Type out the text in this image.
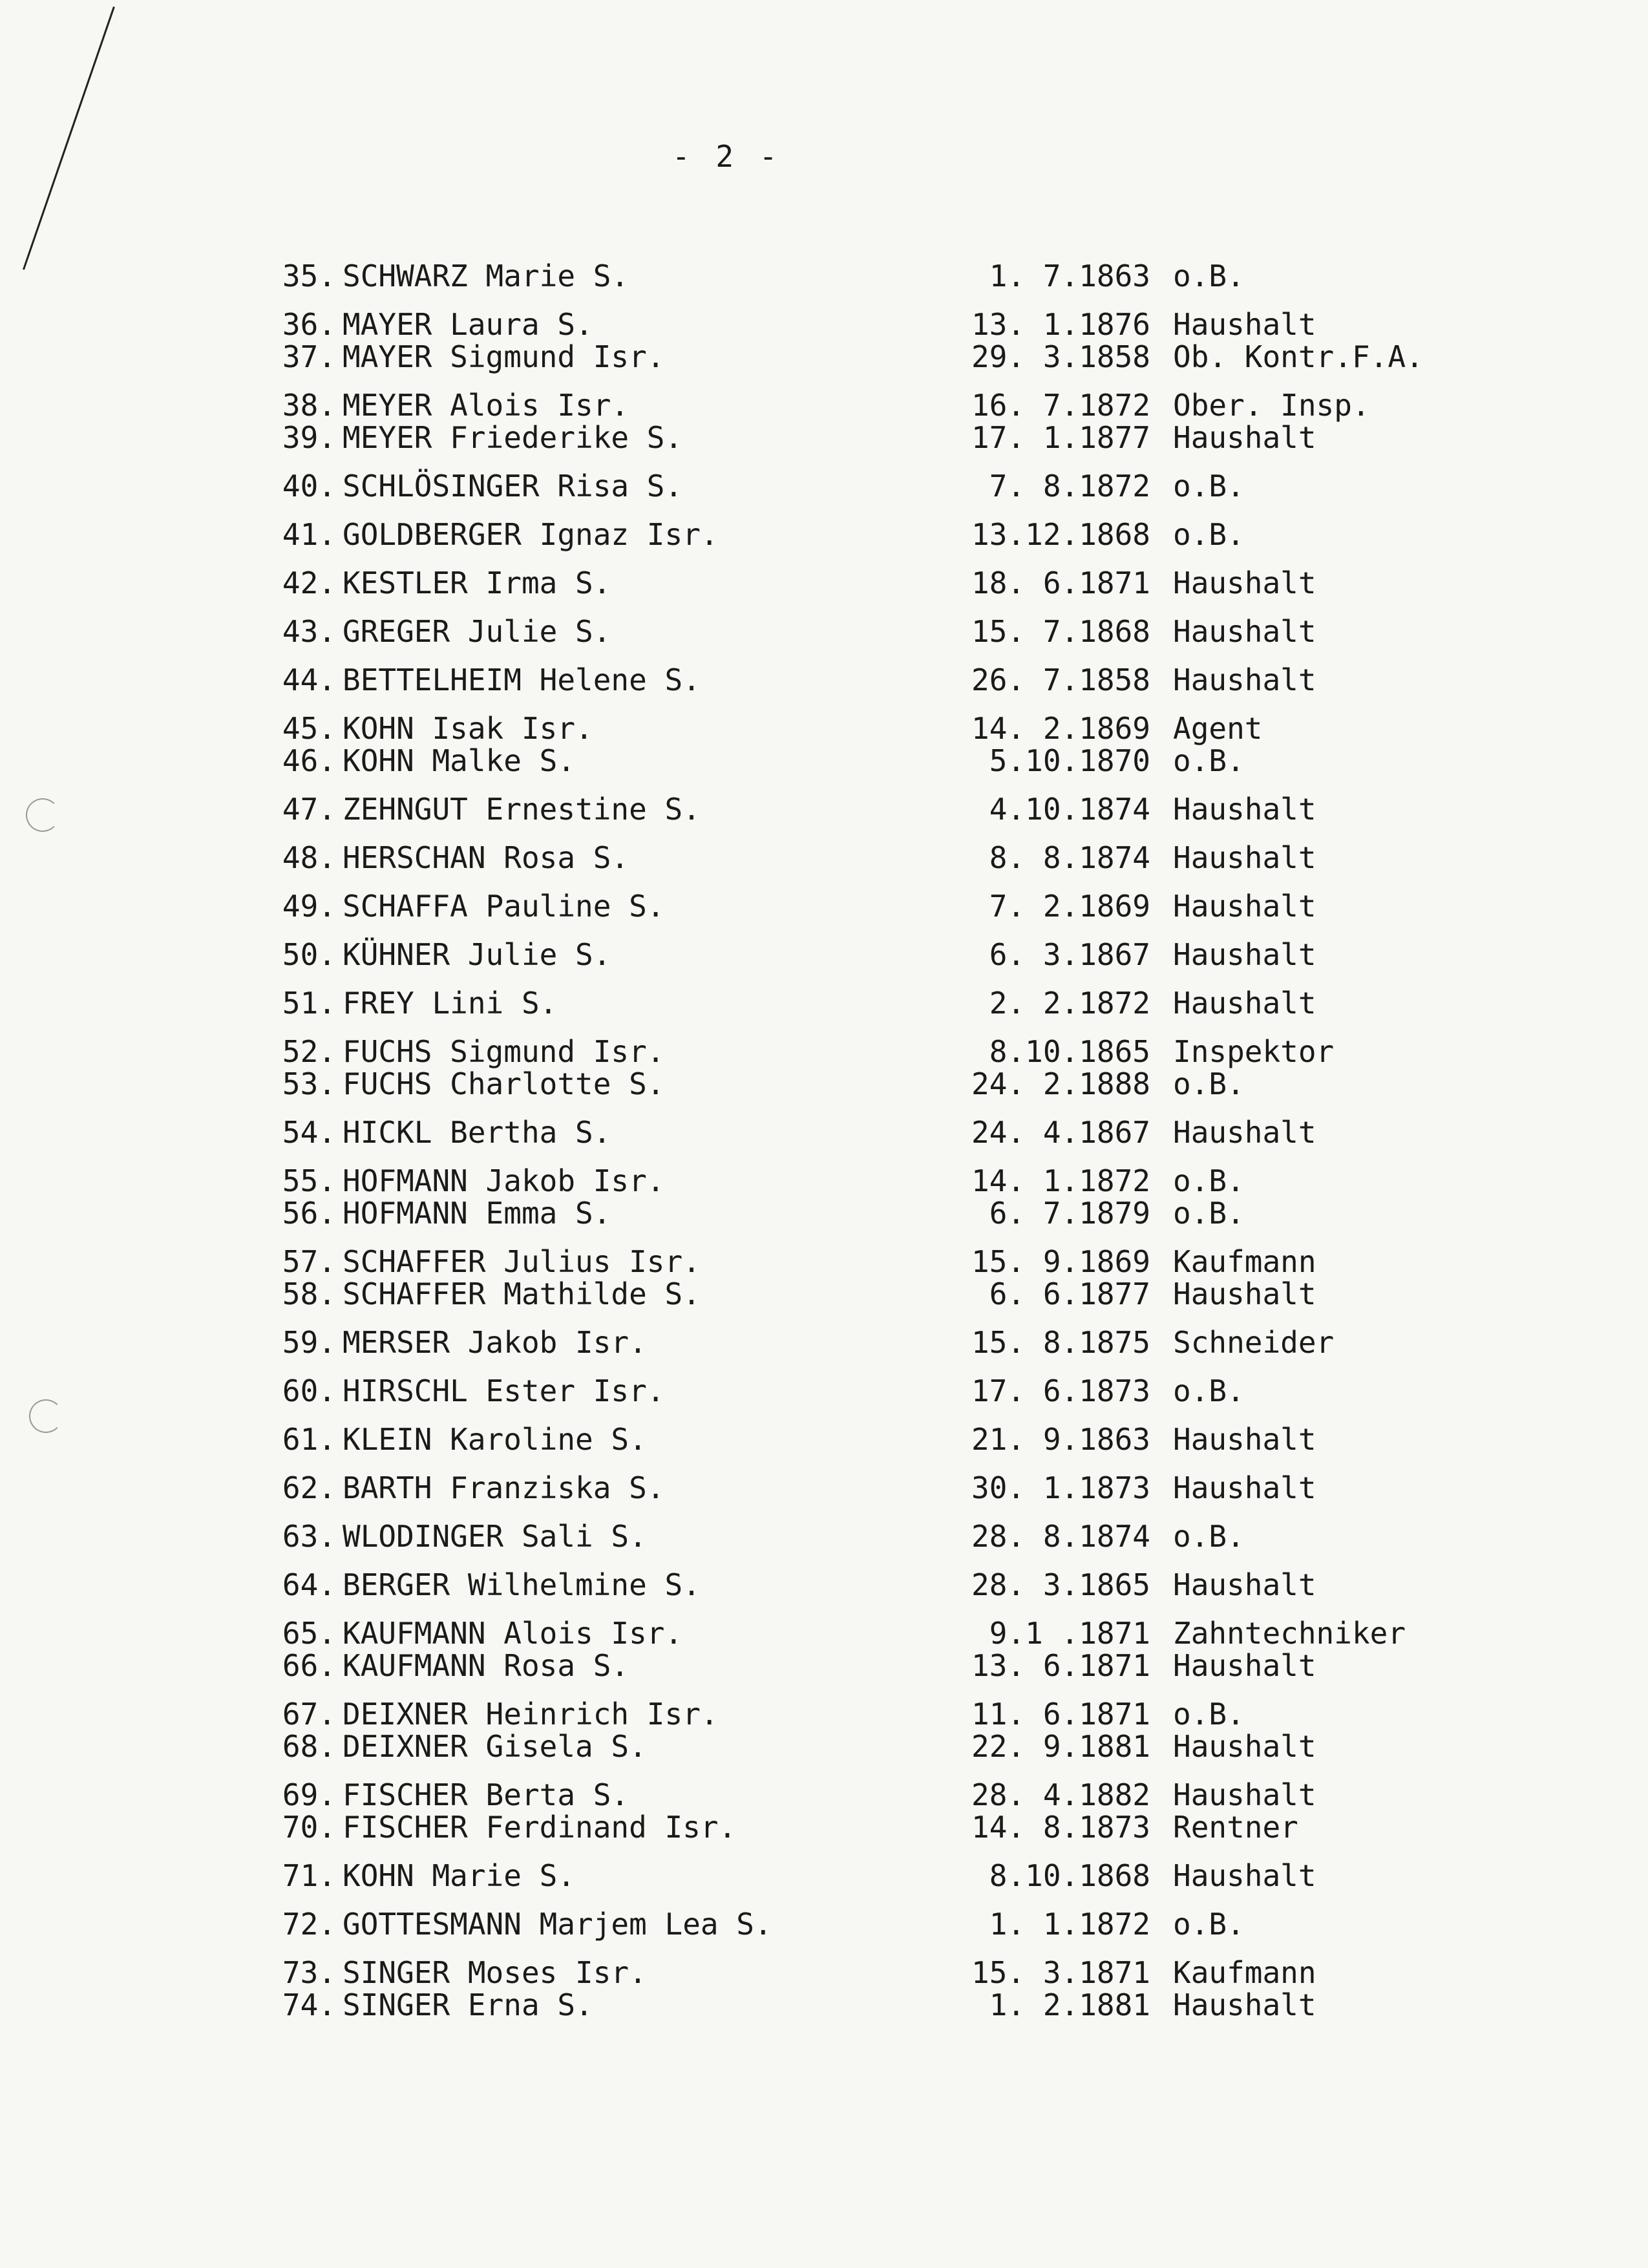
- 2 -
35. SCHWARZ Marie S.	1. 7.1863 o.B.
36. MAYER Laura S.	13. 1.1876 Haushalt
37. MAYER Sigmund Isr.	29. 3.1858 Ob. Kontr.F.A.
38. MEYER Alois Isr.	16. 7.1872 Ober. Insp.
39. MEYER Friederike S.	17. 1.1877 Haushalt
40. SCHLÖSINGER Risa S.	7. 8.1872 o.B.
41. GOLDBERGER Ignaz Isr.	13.12.1868 o.B.
42. KESTLER Irma S.	18. 6.1871 Haushalt
43. GREGER Julie S.	15. 7.1868 Haushalt
44. BETTELHEIM Helene S.	26. 7.1858 Haushalt
45. KOHN Isak Isr.	14. 2.1869 Agent
46. KOHN Malke S.	5.10.1870 o.B.
47. ZEHNGUT Ernestine S.	4.10.1874 Haushalt
48. HERSCHAN Rosa S.	8. 8.1874 Haushalt
49. SCHAFFA Pauline S.	7. 2.1869 Haushalt
50. KÜHNER Julie S.	6. 3.1867 Haushalt
51. FREY Lini S.	2. 2.1872 Haushalt
52. FUCHS Sigmund Isr.	8.10.1865 Inspektor
53. FUCHS Charlotte S.	24. 2.1888 o.B.
54. HICKL Bertha S.	24. 4.1867 Haushalt
55. HOFMANN Jakob Isr.	14. 1.1872 o.B.
56. HOFMANN Emma S.	6. 7.1879 o.B.
57. SCHAFFER Julius Isr.	15. 9.1869 Kaufmann
58. SCHAFFER Mathilde S.	6. 6.1877 Haushalt
59. MERSER Jakob Isr.	15. 8.1875 Schneider
60. HIRSCHL Ester Isr.	17. 6.1873 o.B.
61. KLEIN Karoline S.	21. 9.1863 Haushalt
62. BARTH Franziska S.	30. 1.1873 Haushalt
63. WLODINGER Sali S.	28. 8.1874 o.B.
64. BERGER Wilhelmine S.	28. 3.1865 Haushalt
65. KAUFMANN Alois Isr.	9.1 .1871 Zahntechniker
66. KAUFMANN Rosa S.	13. 6.1871 Haushalt
67. DEIXNER Heinrich Isr.	11. 6.1871 o.B.
68. DEIXNER Gisela S.	22. 9.1881 Haushalt
69. FISCHER Berta S.	28. 4.1882 Haushalt
70. FISCHER Ferdinand Isr.	14. 8.1873 Rentner
71. KOHN Marie S.	8.10.1868 Haushalt
72. GOTTESMANN Marjem Lea S.	1. 1.1872 o.B.
73. SINGER Moses Isr.	15. 3.1871 Kaufmann
74. SINGER Erna S.	1. 2.1881 Haushalt
